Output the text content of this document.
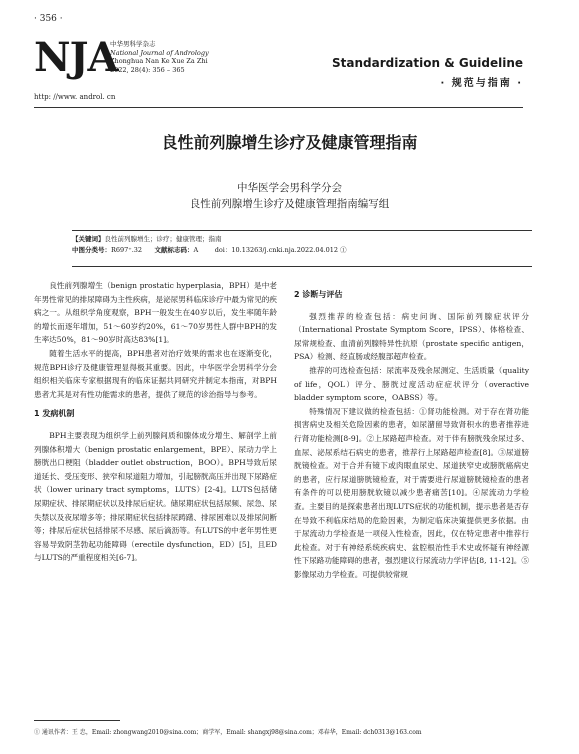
· 356 ·
NJA
中华男科学杂志
National Journal of Andrology
Zhonghua Nan Ke Xue Za Zhi
2022, 28(4): 356 – 365
http: //www. androl. cn
Standardization & Guideline
· 规范与指南 ·
良性前列腺增生诊疗及健康管理指南
中华医学会男科学分会
良性前列腺增生诊疗及健康管理指南编写组
【关键词】良性前列腺增生；诊疗；健康管理；指南
中图分类号：R697⁺.32 文献标志码：A	doi：10.13263/j.cnki.nja.2022.04.012 ①

良性前列腺增生（benign prostatic hyperplasia，BPH）是中老年男性常见的排尿障碍为主性疾病，是泌尿男科临床诊疗中最为常见的疾病之一。从组织学角度观察，BPH一般发生在40岁以后，发生率随年龄的增长而逐年增加，51～60岁约20%，61～70岁男性人群中BPH的发生率达50%，81～90岁时高达83%[1]。

随着生活水平的提高，BPH患者对治疗效果的需求也在逐渐变化，规范BPH诊疗及健康管理显得极其重要。因此，中华医学会男科学分会组织相关临床专家根据现有的临床证据共同研究并制定本指南，对BPH患者尤其是对有性功能需求的患者，提供了规范的诊治指导与参考。

1 发病机制

BPH主要表现为组织学上前列腺间质和腺体成分增生、解剖学上前列腺体积增大（benign prostatic enlargement，BPE）、尿动力学上膀胱出口梗阻（bladder outlet obstruction，BOO）。BPH导致后尿道延长、受压变形、狭窄和尿道阻力增加，引起膀胱高压并出现下尿路症状（lower urinary tract symptoms，LUTS）[2-4]。LUTS包括储尿期症状、排尿期症状以及排尿后症状。储尿期症状包括尿频、尿急、尿失禁以及夜尿增多等；排尿期症状包括排尿踌躇、排尿困难以及排尿间断等；排尿后症状包括排尿不尽感、尿后滴沥等。有LUTS的中老年男性更容易导致阴茎勃起功能障碍（erectile dysfunction，ED）[5]，且ED与LUTS的严重程度相关[6-7]。

2 诊断与评估

强烈推荐的检查包括：病史问询、国际前列腺症状评分（International Prostate Symptom Score，IPSS）、体格检查、尿常规检查、血清前列腺特异性抗原（prostate specific antigen，PSA）检测、经直肠或经腹部超声检查。

推荐的可选检查包括：尿流率及残余尿测定、生活质量（quality of life，QOL）评分、膀胱过度活动症症状评分（overactive bladder symptom score，OABSS）等。

特殊情况下建议做的检查包括：①肾功能检测。对于存在肾功能损害病史及相关危险因素的患者，如尿潴留导致肾积水的患者推荐进行肾功能检测[8-9]。②上尿路超声检查。对于伴有膀胱残余尿过多、血尿、泌尿系结石病史的患者，推荐行上尿路超声检查[8]。③尿道膀胱镜检查。对于合并有镜下或肉眼血尿史、尿道狭窄史或膀胱癌病史的患者，应行尿道膀胱镜检查，对于需要进行尿道膀胱镜检查的患者有条件的可以使用膀胱软镜以减少患者痛苦[10]。④尿流动力学检查。主要目的是探索患者出现LUTS症状的功能机制，提示患者是否存在导致不利临床结局的危险因素，为制定临床决策提供更多依据。由于尿流动力学检查是一项侵入性检查，因此，仅在特定患者中推荐行此检查。对于有神经系统疾病史、盆腔根治性手术史或怀疑有神经源性下尿路功能障碍的患者，强烈建议行尿流动力学评估[8, 11-12]。⑤影像尿动力学检查。可提供较常规

① 通讯作者：王 忠，Email: zhongwang2010@sina.com；商学军，Email: shangxj98@sina.com；邓春华，Email: dch0313@163.com
